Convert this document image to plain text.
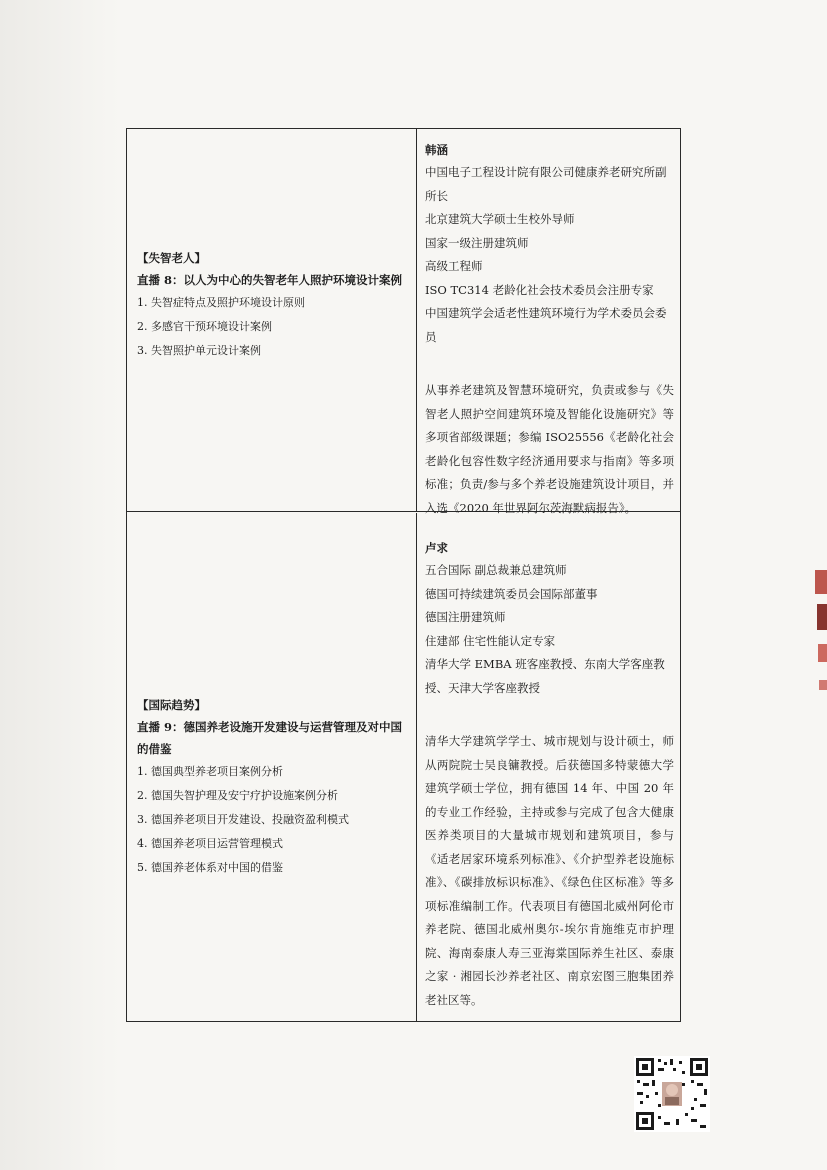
【失智老人】
直播 8：以人为中心的失智老年人照护环境设计案例
1. 失智症特点及照护环境设计原则
2. 多感官干预环境设计案例
3. 失智照护单元设计案例
韩涵
中国电子工程设计院有限公司健康养老研究所副所长
北京建筑大学硕士生校外导师
国家一级注册建筑师
高级工程师
ISO TC314 老龄化社会技术委员会注册专家
中国建筑学会适老性建筑环境行为学术委员会委员
从事养老建筑及智慧环境研究，负责或参与《失智老人照护空间建筑环境及智能化设施研究》等多项省部级课题；参编 ISO25556《老龄化社会老龄化包容性数字经济通用要求与指南》等多项标准；负责/参与多个养老设施建筑设计项目，并入选《2020 年世界阿尔茨海默病报告》。
【国际趋势】
直播 9：德国养老设施开发建设与运营管理及对中国的借鉴
1. 德国典型养老项目案例分析
2. 德国失智护理及安宁疗护设施案例分析
3. 德国养老项目开发建设、投融资盈利模式
4. 德国养老项目运营管理模式
5. 德国养老体系对中国的借鉴
卢求
五合国际 副总裁兼总建筑师
德国可持续建筑委员会国际部董事
德国注册建筑师
住建部 住宅性能认定专家
清华大学 EMBA 班客座教授、东南大学客座教授、天津大学客座教授
清华大学建筑学学士、城市规划与设计硕士，师从两院院士吴良镛教授。后获德国多特蒙德大学建筑学硕士学位，拥有德国 14 年、中国 20 年的专业工作经验，主持或参与完成了包含大健康医养类项目的大量城市规划和建筑项目，参与《适老居家环境系列标准》、《介护型养老设施标准》、《碳排放标识标准》、《绿色住区标准》等多项标准编制工作。代表项目有德国北威州阿伦市养老院、德国北威州奥尔-埃尔肯施维克市护理院、海南泰康人寿三亚海棠国际养生社区、泰康之家 · 湘园长沙养老社区、南京宏图三胞集团养老社区等。
